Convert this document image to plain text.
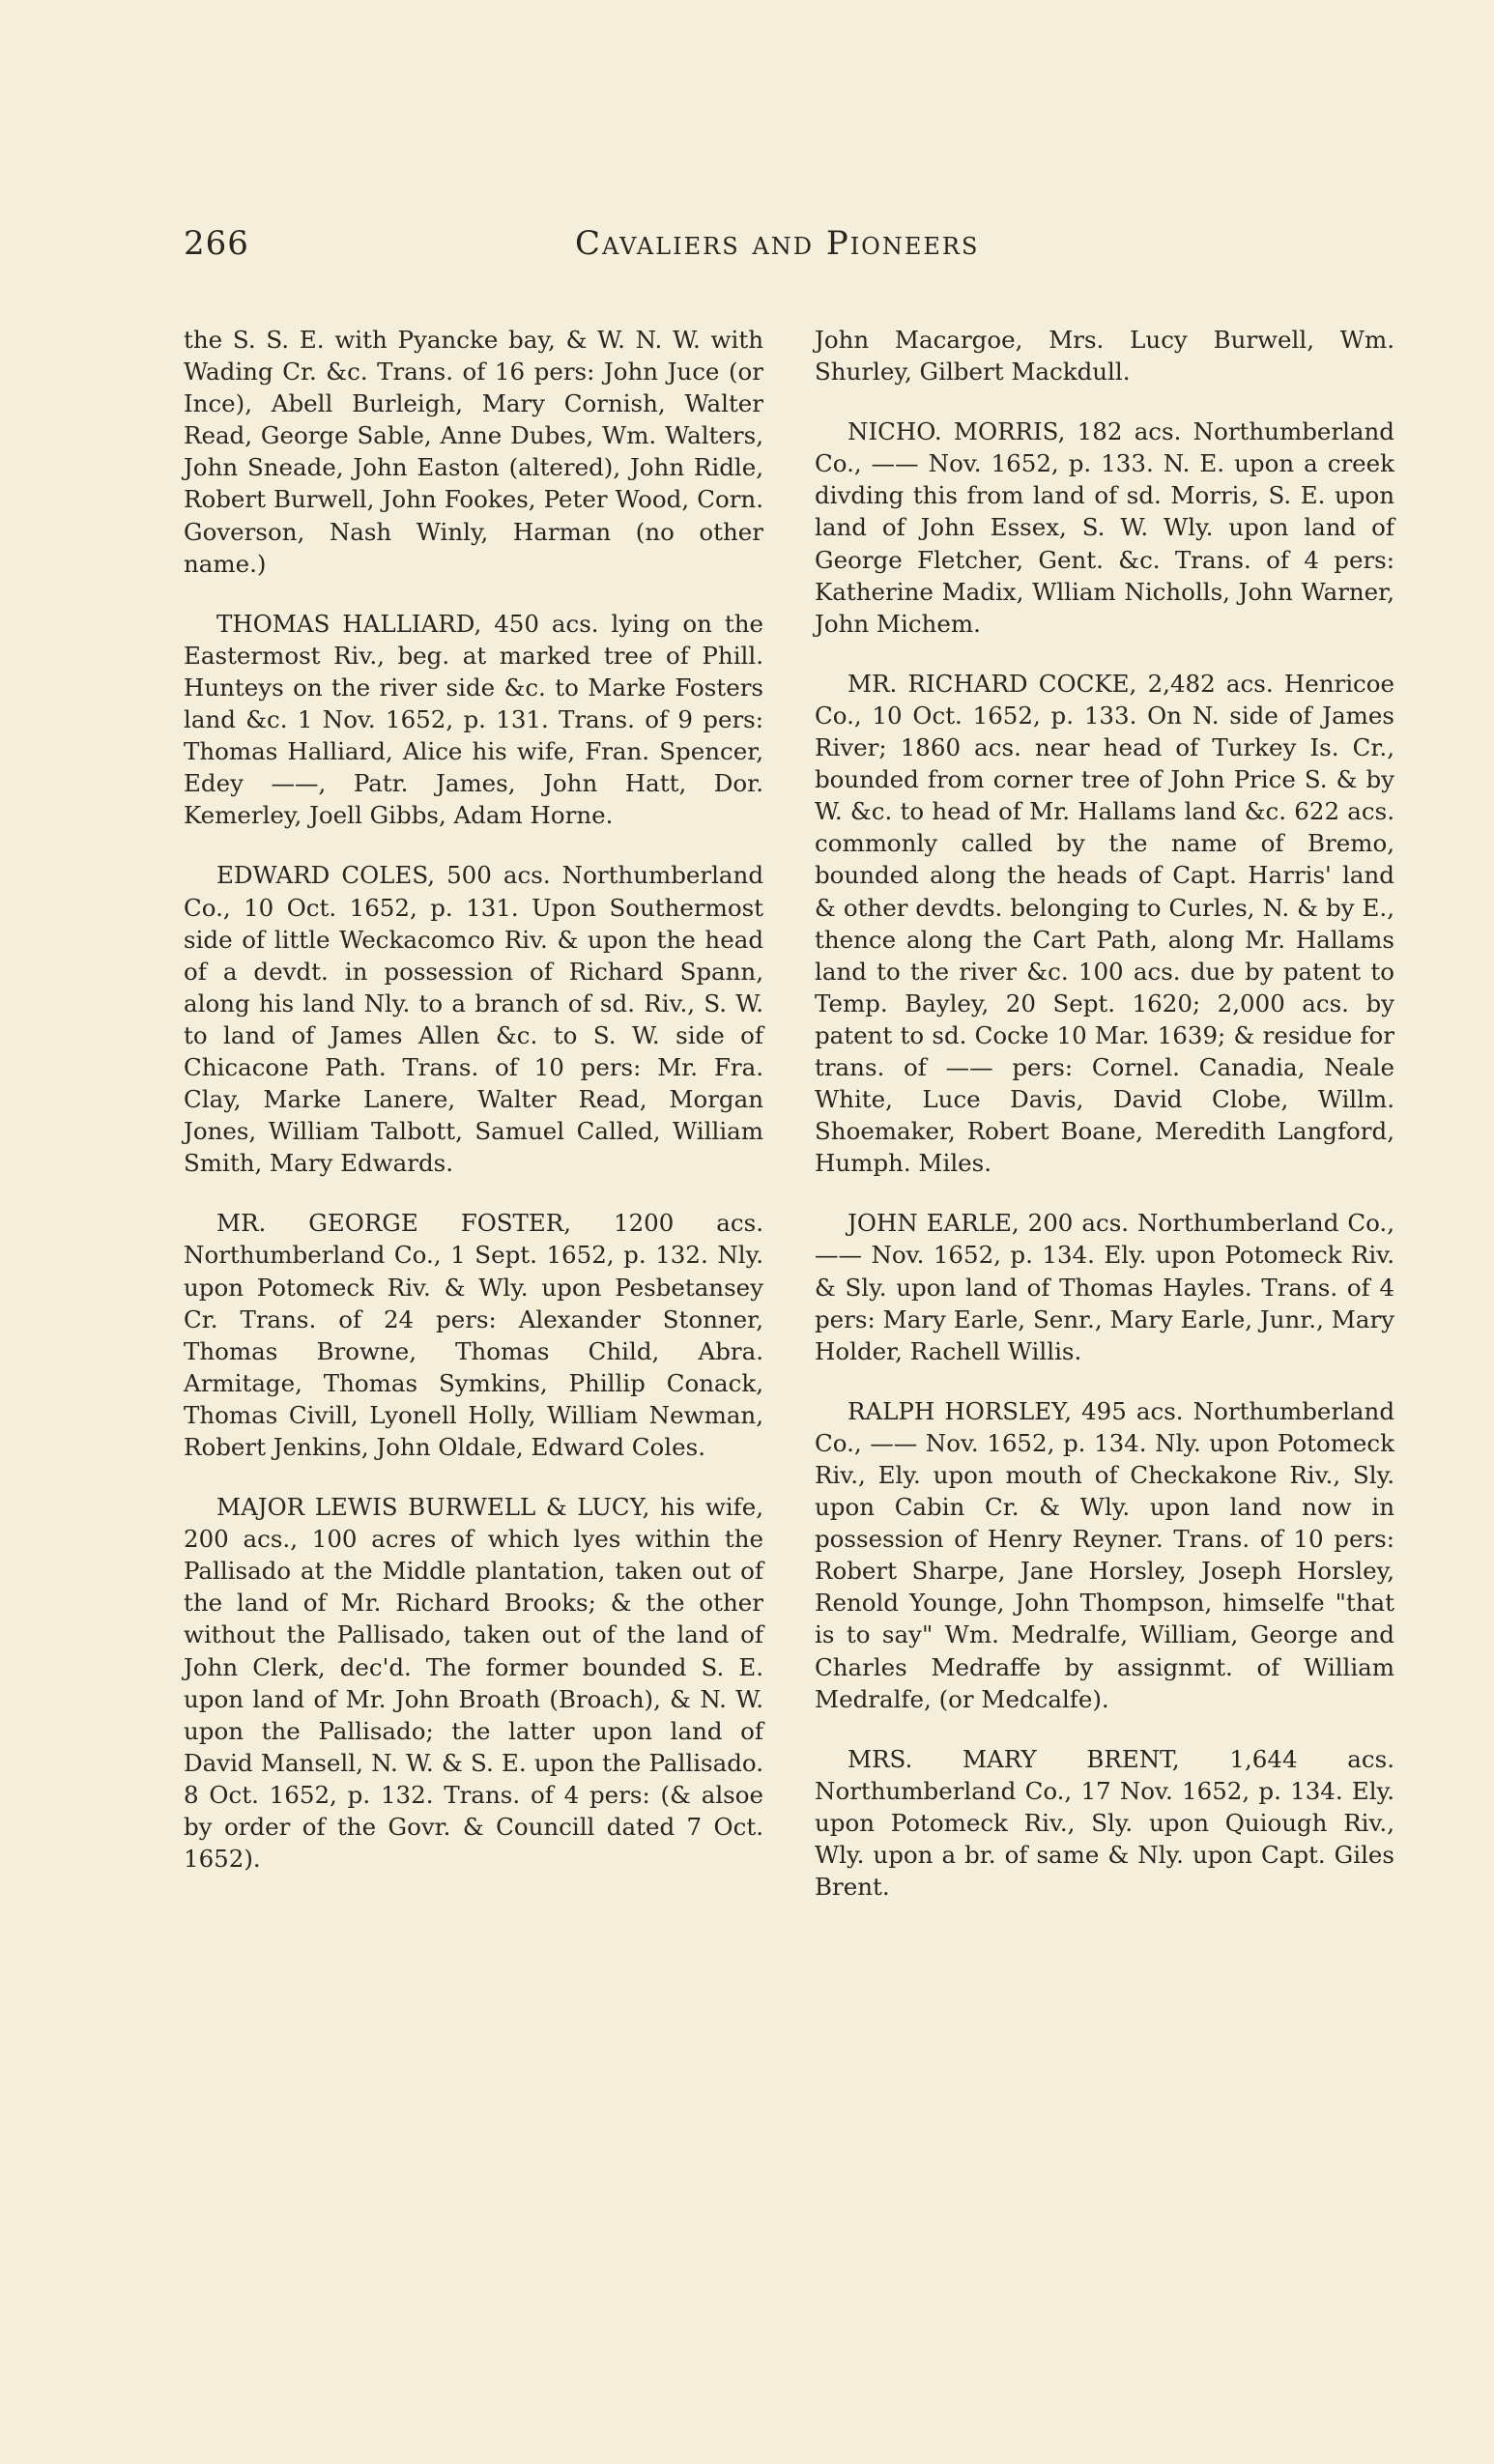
266	Cavaliers and Pioneers

the S. S. E. with Pyancke bay, & W. N. W. with Wading Cr. &c. Trans. of 16 pers: John Juce (or Ince), Abell Burleigh, Mary Cornish, Walter Read, George Sable, Anne Dubes, Wm. Walters, John Sneade, John Easton (altered), John Ridle, Robert Burwell, John Fookes, Peter Wood, Corn. Goverson, Nash Winly, Harman (no other name.)

THOMAS HALLIARD, 450 acs. lying on the Eastermost Riv., beg. at marked tree of Phill. Hunteys on the river side &c. to Marke Fosters land &c. 1 Nov. 1652, p. 131. Trans. of 9 pers: Thomas Halliard, Alice his wife, Fran. Spencer, Edey ——, Patr. James, John Hatt, Dor. Kemerley, Joell Gibbs, Adam Horne.

EDWARD COLES, 500 acs. Northumberland Co., 10 Oct. 1652, p. 131. Upon Southermost side of little Weckacomco Riv. & upon the head of a devdt. in possession of Richard Spann, along his land Nly. to a branch of sd. Riv., S. W. to land of James Allen &c. to S. W. side of Chicacone Path. Trans. of 10 pers: Mr. Fra. Clay, Marke Lanere, Walter Read, Morgan Jones, William Talbott, Samuel Called, William Smith, Mary Edwards.

MR. GEORGE FOSTER, 1200 acs. Northumberland Co., 1 Sept. 1652, p. 132. Nly. upon Potomeck Riv. & Wly. upon Pesbetansey Cr. Trans. of 24 pers: Alexander Stonner, Thomas Browne, Thomas Child, Abra. Armitage, Thomas Symkins, Phillip Conack, Thomas Civill, Lyonell Holly, William Newman, Robert Jenkins, John Oldale, Edward Coles.

MAJOR LEWIS BURWELL & LUCY, his wife, 200 acs., 100 acres of which lyes within the Pallisado at the Middle plantation, taken out of the land of Mr. Richard Brooks; & the other without the Pallisado, taken out of the land of John Clerk, dec'd. The former bounded S. E. upon land of Mr. John Broath (Broach), & N. W. upon the Pallisado; the latter upon land of David Mansell, N. W. & S. E. upon the Pallisado. 8 Oct. 1652, p. 132. Trans. of 4 pers: (& alsoe by order of the Govr. & Councill dated 7 Oct. 1652).

John Macargoe, Mrs. Lucy Burwell, Wm. Shurley, Gilbert Mackdull.

NICHO. MORRIS, 182 acs. Northumberland Co., —— Nov. 1652, p. 133. N. E. upon a creek divding this from land of sd. Morris, S. E. upon land of John Essex, S. W. Wly. upon land of George Fletcher, Gent. &c. Trans. of 4 pers: Katherine Madix, Wlliam Nicholls, John Warner, John Michem.

MR. RICHARD COCKE, 2,482 acs. Henricoe Co., 10 Oct. 1652, p. 133. On N. side of James River; 1860 acs. near head of Turkey Is. Cr., bounded from corner tree of John Price S. & by W. &c. to head of Mr. Hallams land &c. 622 acs. commonly called by the name of Bremo, bounded along the heads of Capt. Harris' land & other devdts. belonging to Curles, N. & by E., thence along the Cart Path, along Mr. Hallams land to the river &c. 100 acs. due by patent to Temp. Bayley, 20 Sept. 1620; 2,000 acs. by patent to sd. Cocke 10 Mar. 1639; & residue for trans. of —— pers: Cornel. Canadia, Neale White, Luce Davis, David Clobe, Willm. Shoemaker, Robert Boane, Meredith Langford, Humph. Miles.

JOHN EARLE, 200 acs. Northumberland Co., —— Nov. 1652, p. 134. Ely. upon Potomeck Riv. & Sly. upon land of Thomas Hayles. Trans. of 4 pers: Mary Earle, Senr., Mary Earle, Junr., Mary Holder, Rachell Willis.

RALPH HORSLEY, 495 acs. Northumberland Co., —— Nov. 1652, p. 134. Nly. upon Potomeck Riv., Ely. upon mouth of Checkakone Riv., Sly. upon Cabin Cr. & Wly. upon land now in possession of Henry Reyner. Trans. of 10 pers: Robert Sharpe, Jane Horsley, Joseph Horsley, Renold Younge, John Thompson, himselfe "that is to say" Wm. Medralfe, William, George and Charles Medraffe by assignmt. of William Medralfe, (or Medcalfe).

MRS. MARY BRENT, 1,644 acs. Northumberland Co., 17 Nov. 1652, p. 134. Ely. upon Potomeck Riv., Sly. upon Quiough Riv., Wly. upon a br. of same & Nly. upon Capt. Giles Brent.
